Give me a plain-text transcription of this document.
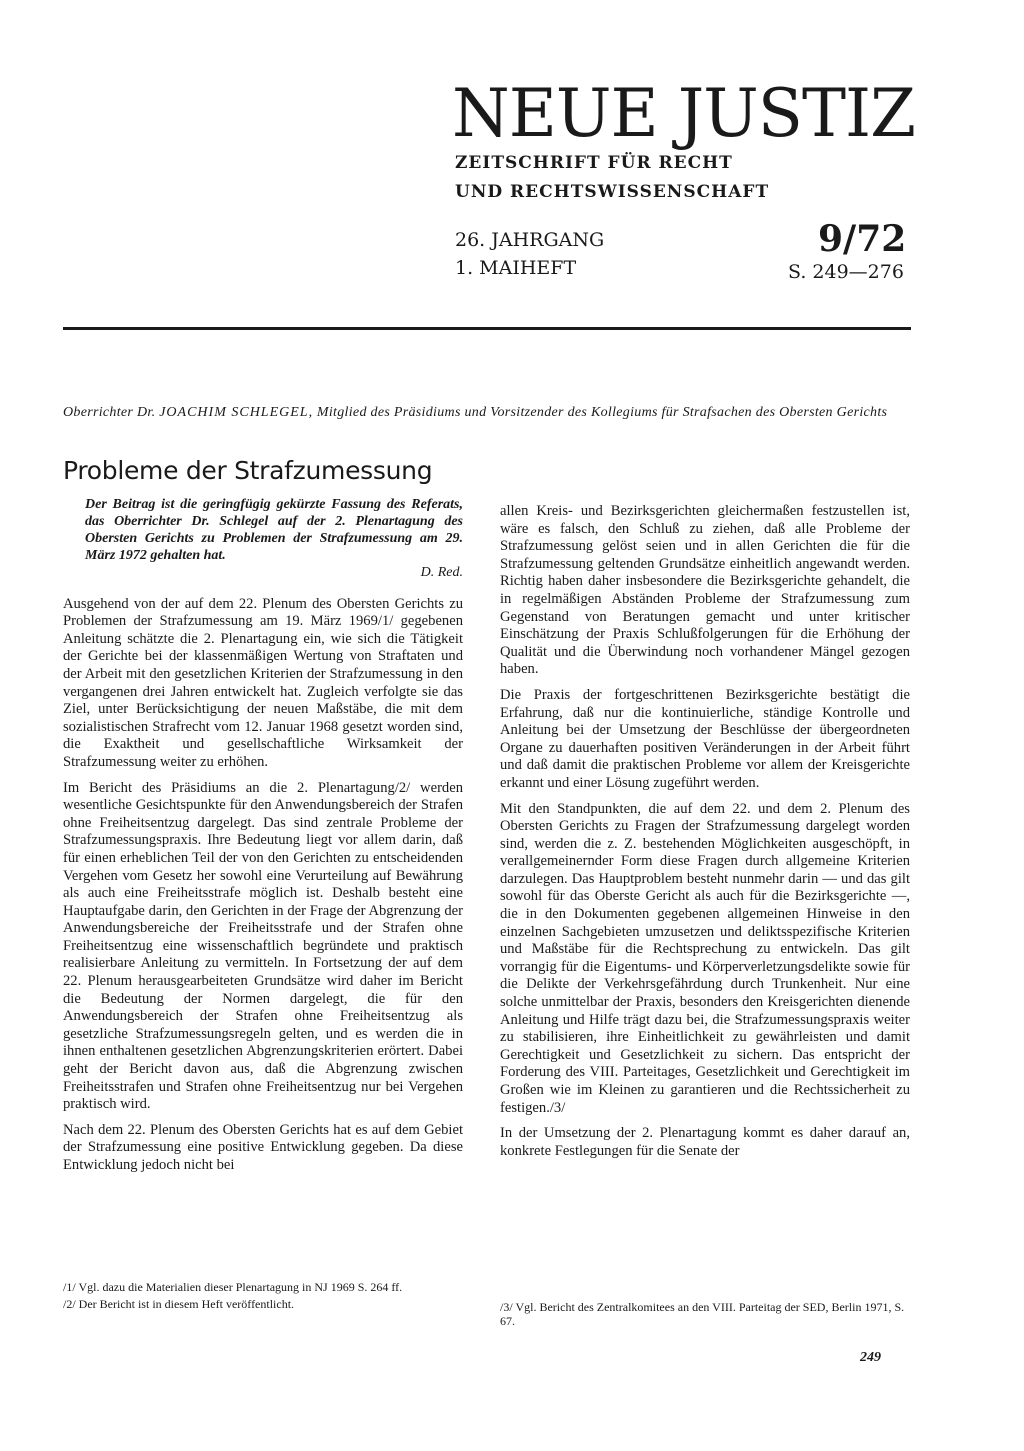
NEUE JUSTIZ
ZEITSCHRIFT FÜR RECHT
UND RECHTSWISSENSCHAFT
26. JAHRGANG
1. MAIHEFT
9/72
S. 249—276
Oberrichter Dr. JOACHIM SCHLEGEL, Mitglied des Präsidiums und Vorsitzender des Kollegiums für Strafsachen des Obersten Gerichts
Probleme der Strafzumessung

Der Beitrag ist die geringfügig gekürzte Fassung des Referats, das Oberrichter Dr. Schlegel auf der 2. Plenartagung des Obersten Gerichts zu Problemen der Strafzumessung am 29. März 1972 gehalten hat.

D. Red.

Ausgehend von der auf dem 22. Plenum des Obersten Gerichts zu Problemen der Strafzumessung am 19. März 1969/1/ gegebenen Anleitung schätzte die 2. Plenartagung ein, wie sich die Tätigkeit der Gerichte bei der klassenmäßigen Wertung von Straftaten und der Arbeit mit den gesetzlichen Kriterien der Strafzumessung in den vergangenen drei Jahren entwickelt hat. Zugleich verfolgte sie das Ziel, unter Berücksichtigung der neuen Maßstäbe, die mit dem sozialistischen Strafrecht vom 12. Januar 1968 gesetzt worden sind, die Exaktheit und gesellschaftliche Wirksamkeit der Strafzumessung weiter zu erhöhen.

Im Bericht des Präsidiums an die 2. Plenartagung/2/ werden wesentliche Gesichtspunkte für den Anwendungsbereich der Strafen ohne Freiheitsentzug dargelegt. Das sind zentrale Probleme der Strafzumessungspraxis. Ihre Bedeutung liegt vor allem darin, daß für einen erheblichen Teil der von den Gerichten zu entscheidenden Vergehen vom Gesetz her sowohl eine Verurteilung auf Bewährung als auch eine Freiheitsstrafe möglich ist. Deshalb besteht eine Hauptaufgabe darin, den Gerichten in der Frage der Abgrenzung der Anwendungsbereiche der Freiheitsstrafe und der Strafen ohne Freiheitsentzug eine wissenschaftlich begründete und praktisch realisierbare Anleitung zu vermitteln. In Fortsetzung der auf dem 22. Plenum herausgearbeiteten Grundsätze wird daher im Bericht die Bedeutung der Normen dargelegt, die für den Anwendungsbereich der Strafen ohne Freiheitsentzug als gesetzliche Strafzumessungsregeln gelten, und es werden die in ihnen enthaltenen gesetzlichen Abgrenzungskriterien erörtert. Dabei geht der Bericht davon aus, daß die Abgrenzung zwischen Freiheitsstrafen und Strafen ohne Freiheitsentzug nur bei Vergehen praktisch wird.

Nach dem 22. Plenum des Obersten Gerichts hat es auf dem Gebiet der Strafzumessung eine positive Entwicklung gegeben. Da diese Entwicklung jedoch nicht bei

allen Kreis- und Bezirksgerichten gleichermaßen festzustellen ist, wäre es falsch, den Schluß zu ziehen, daß alle Probleme der Strafzumessung gelöst seien und in allen Gerichten die für die Strafzumessung geltenden Grundsätze einheitlich angewandt werden. Richtig haben daher insbesondere die Bezirksgerichte gehandelt, die in regelmäßigen Abständen Probleme der Strafzumessung zum Gegenstand von Beratungen gemacht und unter kritischer Einschätzung der Praxis Schlußfolgerungen für die Erhöhung der Qualität und die Überwindung noch vorhandener Mängel gezogen haben.

Die Praxis der fortgeschrittenen Bezirksgerichte bestätigt die Erfahrung, daß nur die kontinuierliche, ständige Kontrolle und Anleitung bei der Umsetzung der Beschlüsse der übergeordneten Organe zu dauerhaften positiven Veränderungen in der Arbeit führt und daß damit die praktischen Probleme vor allem der Kreisgerichte erkannt und einer Lösung zugeführt werden.

Mit den Standpunkten, die auf dem 22. und dem 2. Plenum des Obersten Gerichts zu Fragen der Strafzumessung dargelegt worden sind, werden die z. Z. bestehenden Möglichkeiten ausgeschöpft, in verallgemeinernder Form diese Fragen durch allgemeine Kriterien darzulegen. Das Hauptproblem besteht nunmehr darin — und das gilt sowohl für das Oberste Gericht als auch für die Bezirksgerichte —, die in den Dokumenten gegebenen allgemeinen Hinweise in den einzelnen Sachgebieten umzusetzen und deliktsspezifische Kriterien und Maßstäbe für die Rechtsprechung zu entwickeln. Das gilt vorrangig für die Eigentums- und Körperverletzungsdelikte sowie für die Delikte der Verkehrsgefährdung durch Trunkenheit. Nur eine solche unmittelbar der Praxis, besonders den Kreisgerichten dienende Anleitung und Hilfe trägt dazu bei, die Strafzumessungspraxis weiter zu stabilisieren, ihre Einheitlichkeit zu gewährleisten und damit Gerechtigkeit und Gesetzlichkeit zu sichern. Das entspricht der Forderung des VIII. Parteitages, Gesetzlichkeit und Gerechtigkeit im Großen wie im Kleinen zu garantieren und die Rechtssicherheit zu festigen./3/

In der Umsetzung der 2. Plenartagung kommt es daher darauf an, konkrete Festlegungen für die Senate der

/1/ Vgl. dazu die Materialien dieser Plenartagung in NJ 1969 S. 264 ff.

/2/ Der Bericht ist in diesem Heft veröffentlicht.	/3/ Vgl. Bericht des Zentralkomitees an den VIII. Parteitag der SED, Berlin 1971, S. 67.

249
